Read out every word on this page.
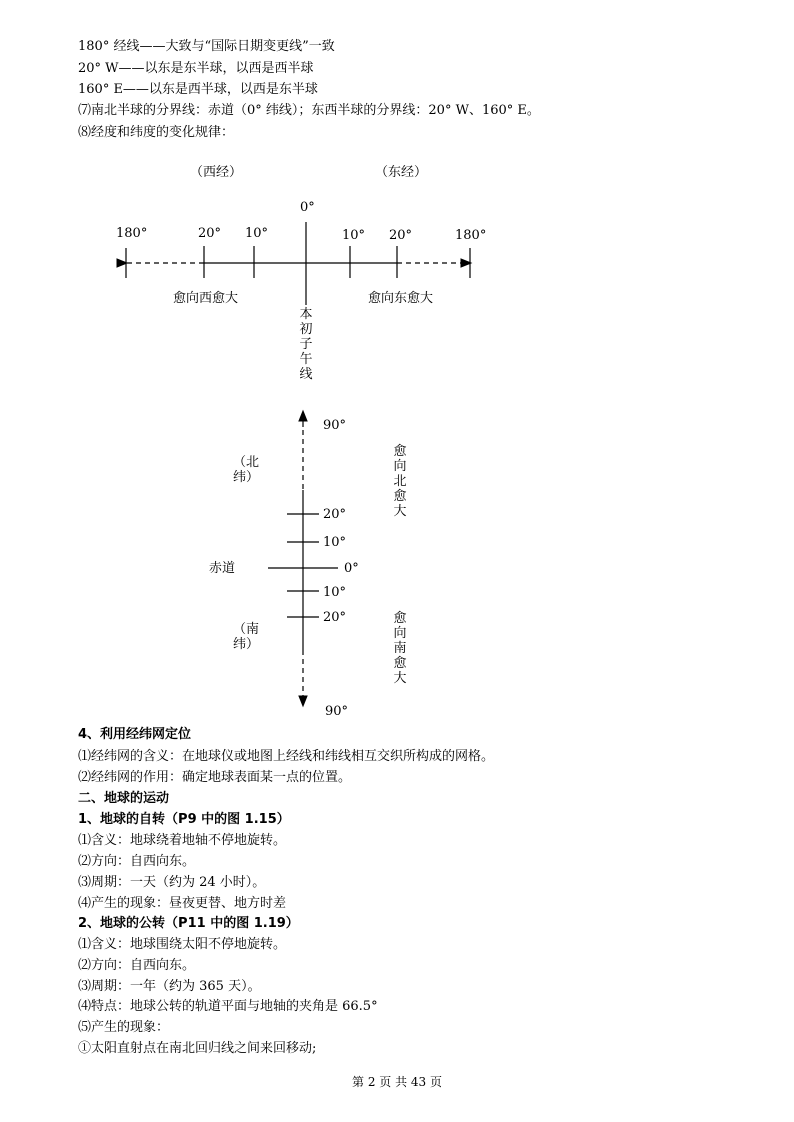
180° 经线——大致与“国际日期变更线”一致
20° W——以东是东半球，以西是西半球
160° E——以东是西半球，以西是东半球
⑺南北半球的分界线：赤道（0° 纬线）；东西半球的分界线：20° W、160° E。
⑻经度和纬度的变化规律：
（西经）	（东经）
0°
180°	20° 10°	10° 20°	180°
愈向西愈大	愈向东愈大
本初子午线
90°
（北纬）
愈向北愈大
20°
10°
赤道	0°
10°
20°
（南纬）
愈向南愈大
90°
4、利用经纬网定位
⑴经纬网的含义：在地球仪或地图上经线和纬线相互交织所构成的网格。
⑵经纬网的作用：确定地球表面某一点的位置。
二、地球的运动
1、地球的自转（P9 中的图 1.15）
⑴含义：地球绕着地轴不停地旋转。
⑵方向：自西向东。
⑶周期：一天（约为 24 小时）。
⑷产生的现象：昼夜更替、地方时差
2、地球的公转（P11 中的图 1.19）
⑴含义：地球围绕太阳不停地旋转。
⑵方向：自西向东。
⑶周期：一年（约为 365 天）。
⑷特点：地球公转的轨道平面与地轴的夹角是 66.5°
⑸产生的现象：
①太阳直射点在南北回归线之间来回移动;
第 2 页 共 43 页
